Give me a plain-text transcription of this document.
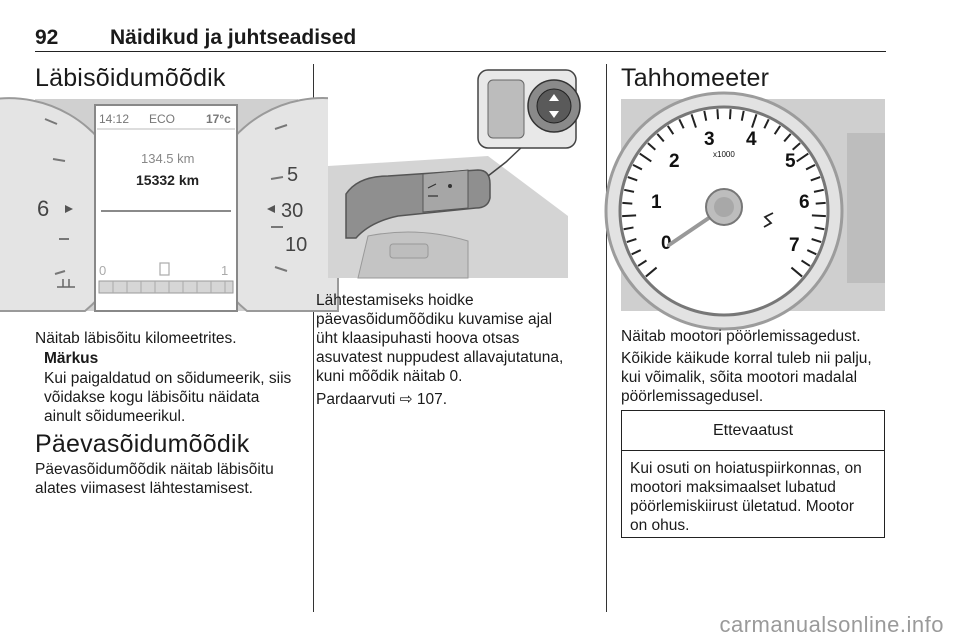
92 Näidikud ja juhtseadised
Läbisõidumõõdik
6
5
30
10
14:12 ECO	17°c
134.5 km
15332 km
0	1
Näitab läbisõitu kilomeetrites.
Märkus
Kui paigaldatud on sõidumeerik, siis
võidakse kogu läbisõitu näidata
ainult sõidumeerikul.
Päevasõidumõõdik
Päevasõidumõõdik näitab läbisõitu
alates viimasest lähtestamisest.
Lähtestamiseks hoidke
päevasõidumõõdiku kuvamise ajal
üht klaasipuhasti hoova otsas
asuvatest nuppudest allavajutatuna,
kuni mõõdik näitab 0.
Pardaarvuti ⇨ 107.
Tahhomeeter
3 4
2	5
1	6
0	7
x1000
Näitab mootori pöörlemissagedust.
Kõikide käikude korral tuleb nii palju,
kui võimalik, sõita mootori madalal
pöörlemissagedusel.
Ettevaatust
Kui osuti on hoiatuspiirkonnas, on
mootori maksimaalset lubatud
pöörlemiskiirust ületatud. Mootor
on ohus.
carmanualsonline.info
